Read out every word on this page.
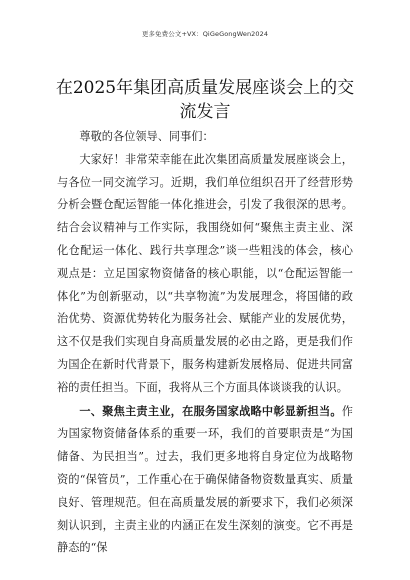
更多免费公文+VX：QiGeGongWen2024
在2025年集团高质量发展座谈会上的交流发言

尊敬的各位领导、同事们：

大家好！非常荣幸能在此次集团高质量发展座谈会上，与各位一同交流学习。近期，我们单位组织召开了经营形势分析会暨仓配运智能一体化推进会，引发了我很深的思考。结合会议精神与工作实际，我围绕如何“聚焦主责主业、深化仓配运一体化、践行共享理念”谈一些粗浅的体会，核心观点是：立足国家物资储备的核心职能，以“仓配运智能一体化”为创新驱动，以“共享物流”为发展理念，将国储的政治优势、资源优势转化为服务社会、赋能产业的发展优势，这不仅是我们实现自身高质量发展的必由之路，更是我们作为国企在新时代背景下，服务构建新发展格局、促进共同富裕的责任担当。下面，我将从三个方面具体谈谈我的认识。

一、聚焦主责主业，在服务国家战略中彰显新担当。作为国家物资储备体系的重要一环，我们的首要职责是“为国储备、为民担当”。过去，我们更多地将自身定位为战略物资的“保管员”，工作重心在于确保储备物资数量真实、质量良好、管理规范。但在高质量发展的新要求下，我们必须深刻认识到，主责主业的内涵正在发生深刻的演变。它不再是静态的“保
